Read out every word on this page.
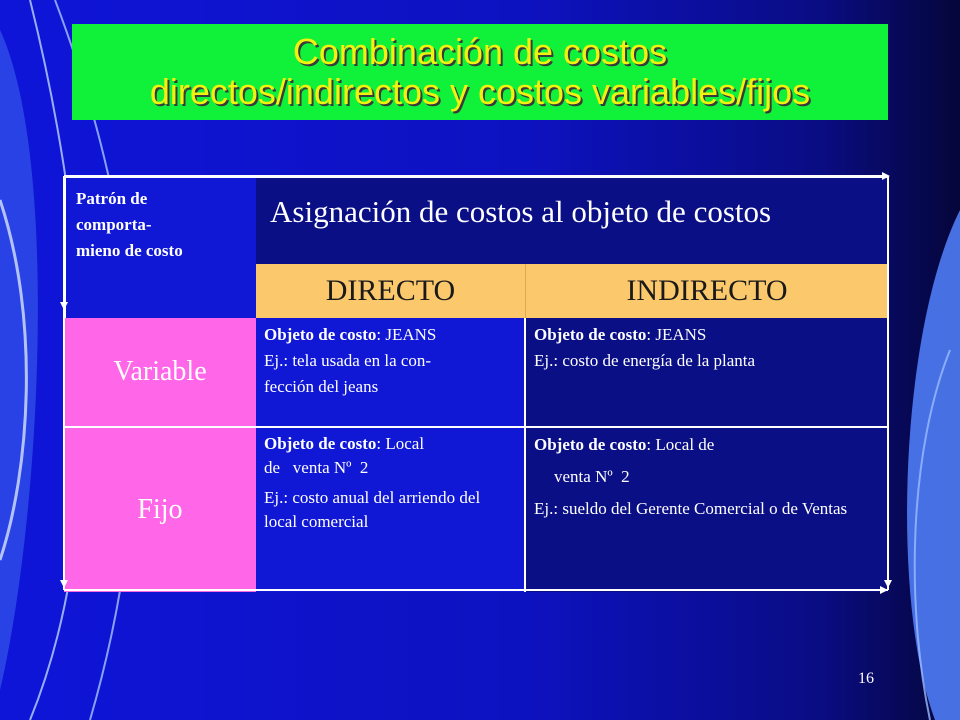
Combinación de costos
directos/indirectos y costos variables/fijos
Patrón de
comporta-
mieno de costo
Asignación de costos al objeto de costos
DIRECTO	INDIRECTO
Variable
Objeto de costo: JEANS
Ej.: tela usada en la con-
fección del jeans
Objeto de costo: JEANS
Ej.: costo de energía de la planta
Fijo
Objeto de costo: Local
de   venta Nº  2
Ej.: costo anual del arriendo del local comercial
Objeto de costo: Local de
venta Nº  2
Ej.: sueldo del Gerente Comercial o de Ventas
16
